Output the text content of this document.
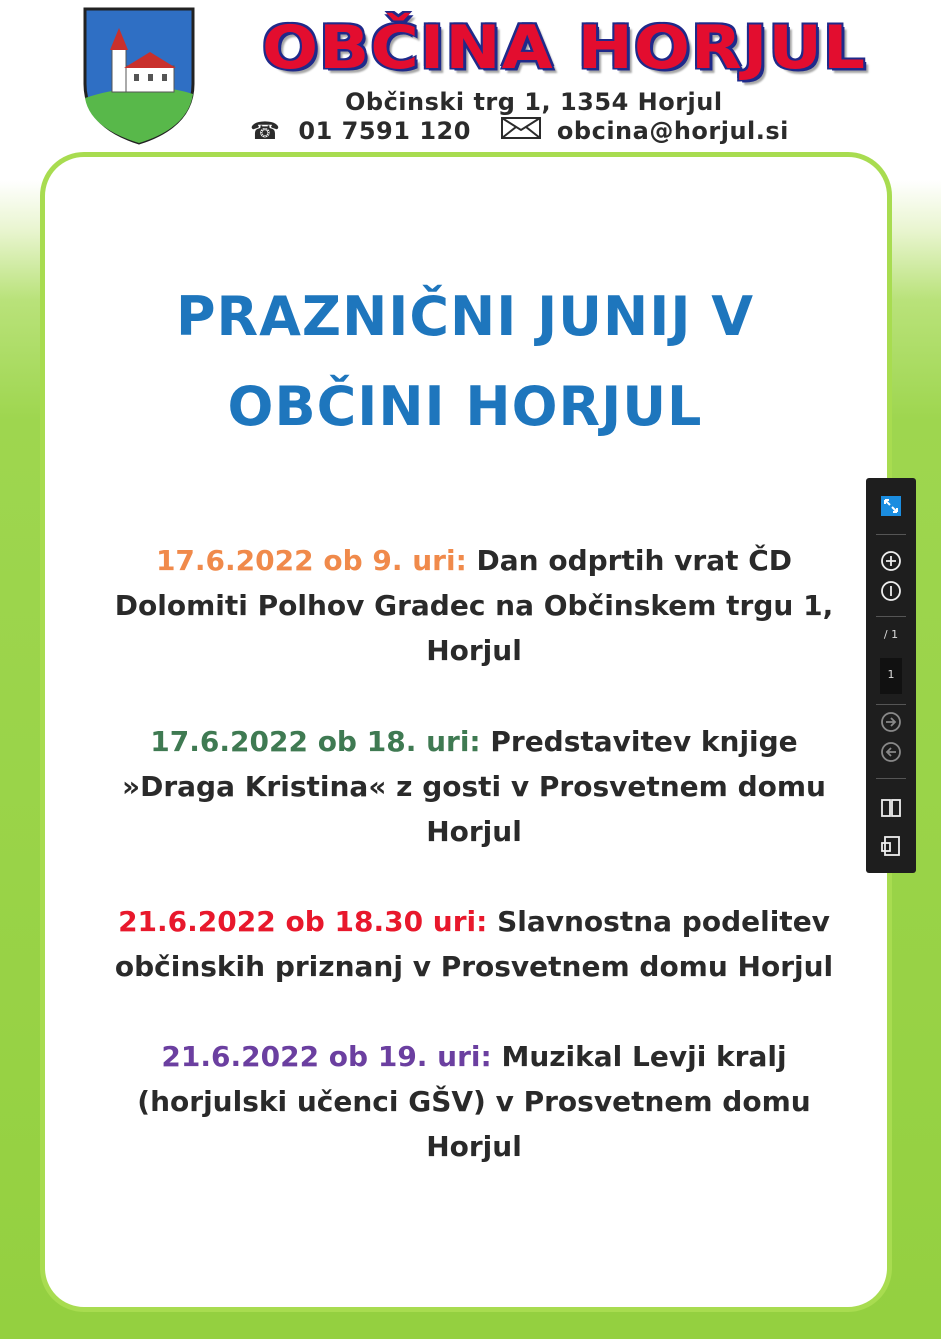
OBČINA HORJUL
Občinski trg 1, 1354 Horjul
☎ 01 7591 120	obcina@horjul.si
PRAZNIČNI JUNIJ V
OBČINI HORJUL
17.6.2022 ob 9. uri: Dan odprtih vrat ČD
Dolomiti Polhov Gradec na Občinskem trgu 1,
Horjul
17.6.2022 ob 18. uri: Predstavitev knjige
»Draga Kristina« z gosti v Prosvetnem domu
Horjul
21.6.2022 ob 18.30 uri: Slavnostna podelitev
občinskih priznanj v Prosvetnem domu Horjul
21.6.2022 ob 19. uri: Muzikal Levji kralj
(horjulski učenci GŠV) v Prosvetnem domu
Horjul
/ 1
1
